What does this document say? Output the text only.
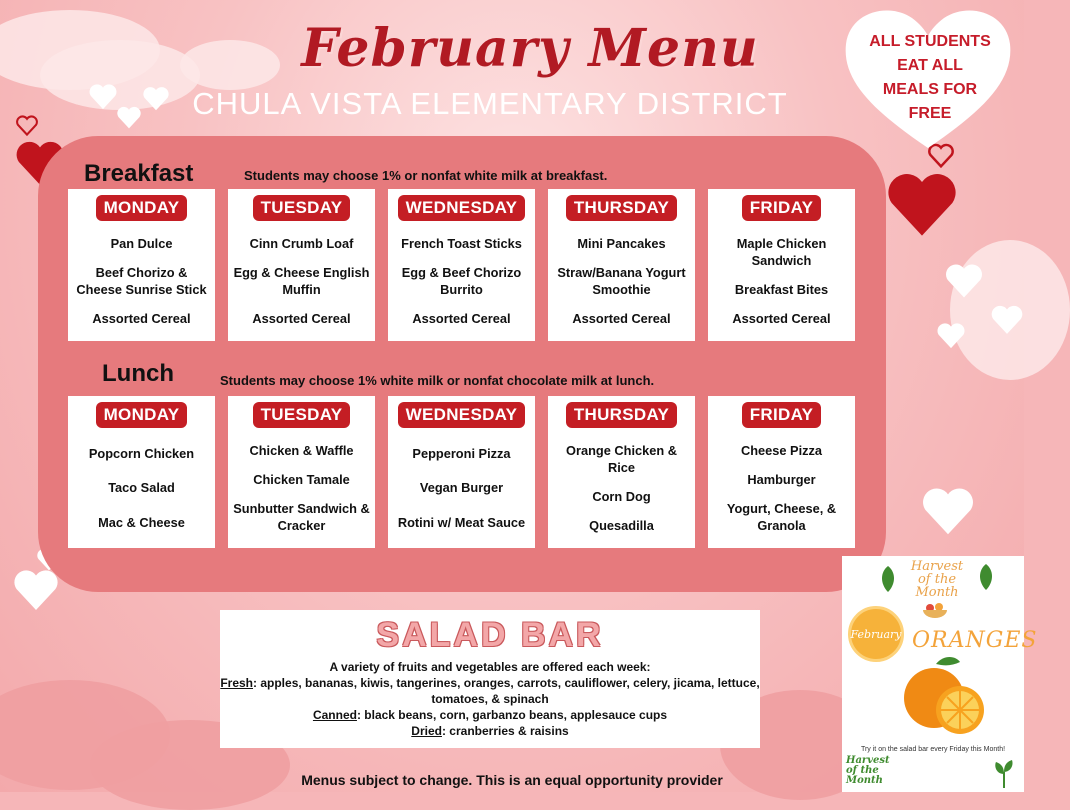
February Menu
CHULA VISTA ELEMENTARY DISTRICT
ALL STUDENTS
EAT ALL
MEALS FOR
FREE
Breakfast	Students may choose 1% or nonfat white milk at breakfast.
MONDAY
Pan Dulce
Beef Chorizo & Cheese Sunrise Stick
Assorted Cereal
TUESDAY
Cinn Crumb Loaf
Egg & Cheese English Muffin
Assorted Cereal
WEDNESDAY
French Toast Sticks
Egg & Beef Chorizo Burrito
Assorted Cereal
THURSDAY
Mini Pancakes
Straw/Banana Yogurt Smoothie
Assorted Cereal
FRIDAY
Maple Chicken Sandwich
Breakfast Bites
Assorted Cereal
Lunch	Students may choose 1% white milk or nonfat chocolate milk at lunch.
MONDAY
Popcorn Chicken
Taco Salad
Mac & Cheese
TUESDAY
Chicken & Waffle
Chicken Tamale
Sunbutter Sandwich & Cracker
WEDNESDAY
Pepperoni Pizza
Vegan Burger
Rotini w/ Meat Sauce
THURSDAY
Orange Chicken & Rice
Corn Dog
Quesadilla
FRIDAY
Cheese Pizza
Hamburger
Yogurt, Cheese, & Granola
SALAD BAR
A variety of fruits and vegetables are offered each week:
Fresh: apples, bananas, kiwis, tangerines, oranges, carrots, cauliflower, celery, jicama, lettuce, tomatoes, & spinach
Canned: black beans, corn, garbanzo beans, applesauce cups
Dried: cranberries & raisins
Menus subject to change. This is an equal opportunity provider
Harvest
of the
Month
February ORANGES
Try it on the salad bar every Friday this Month!
Harvest
of the
Month
